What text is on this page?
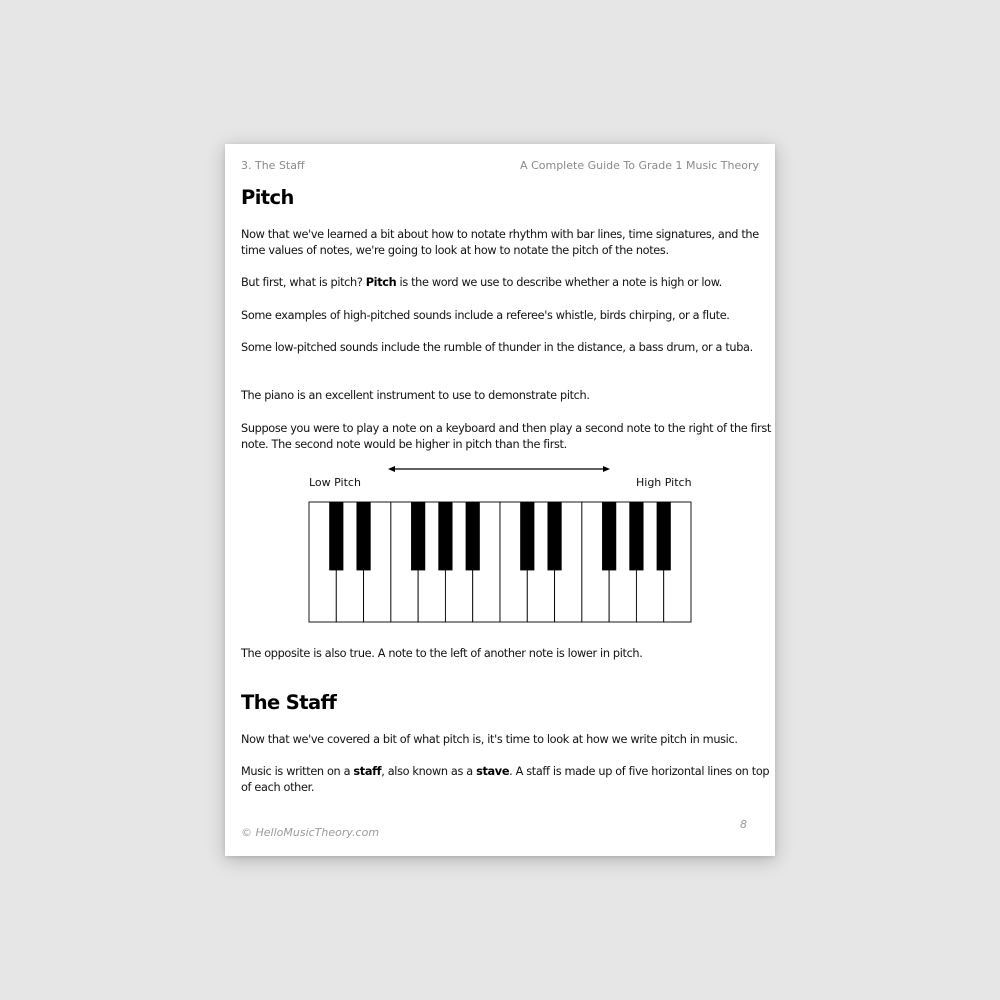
3. The Staff	A Complete Guide To Grade 1 Music Theory
Pitch

Now that we've learned a bit about how to notate rhythm with bar lines, time signatures, and the time values of notes, we're going to look at how to notate the pitch of the notes.

But first, what is pitch? Pitch is the word we use to describe whether a note is high or low.

Some examples of high-pitched sounds include a referee's whistle, birds chirping, or a flute.

Some low-pitched sounds include the rumble of thunder in the distance, a bass drum, or a tuba.

The piano is an excellent instrument to use to demonstrate pitch.

Suppose you were to play a note on a keyboard and then play a second note to the right of the first note. The second note would be higher in pitch than the first.

Low Pitch	High Pitch

The opposite is also true. A note to the left of another note is lower in pitch.

The Staff

Now that we've covered a bit of what pitch is, it's time to look at how we write pitch in music.

Music is written on a staff, also known as a stave. A staff is made up of five horizontal lines on top of each other.

© HelloMusicTheory.com
8
